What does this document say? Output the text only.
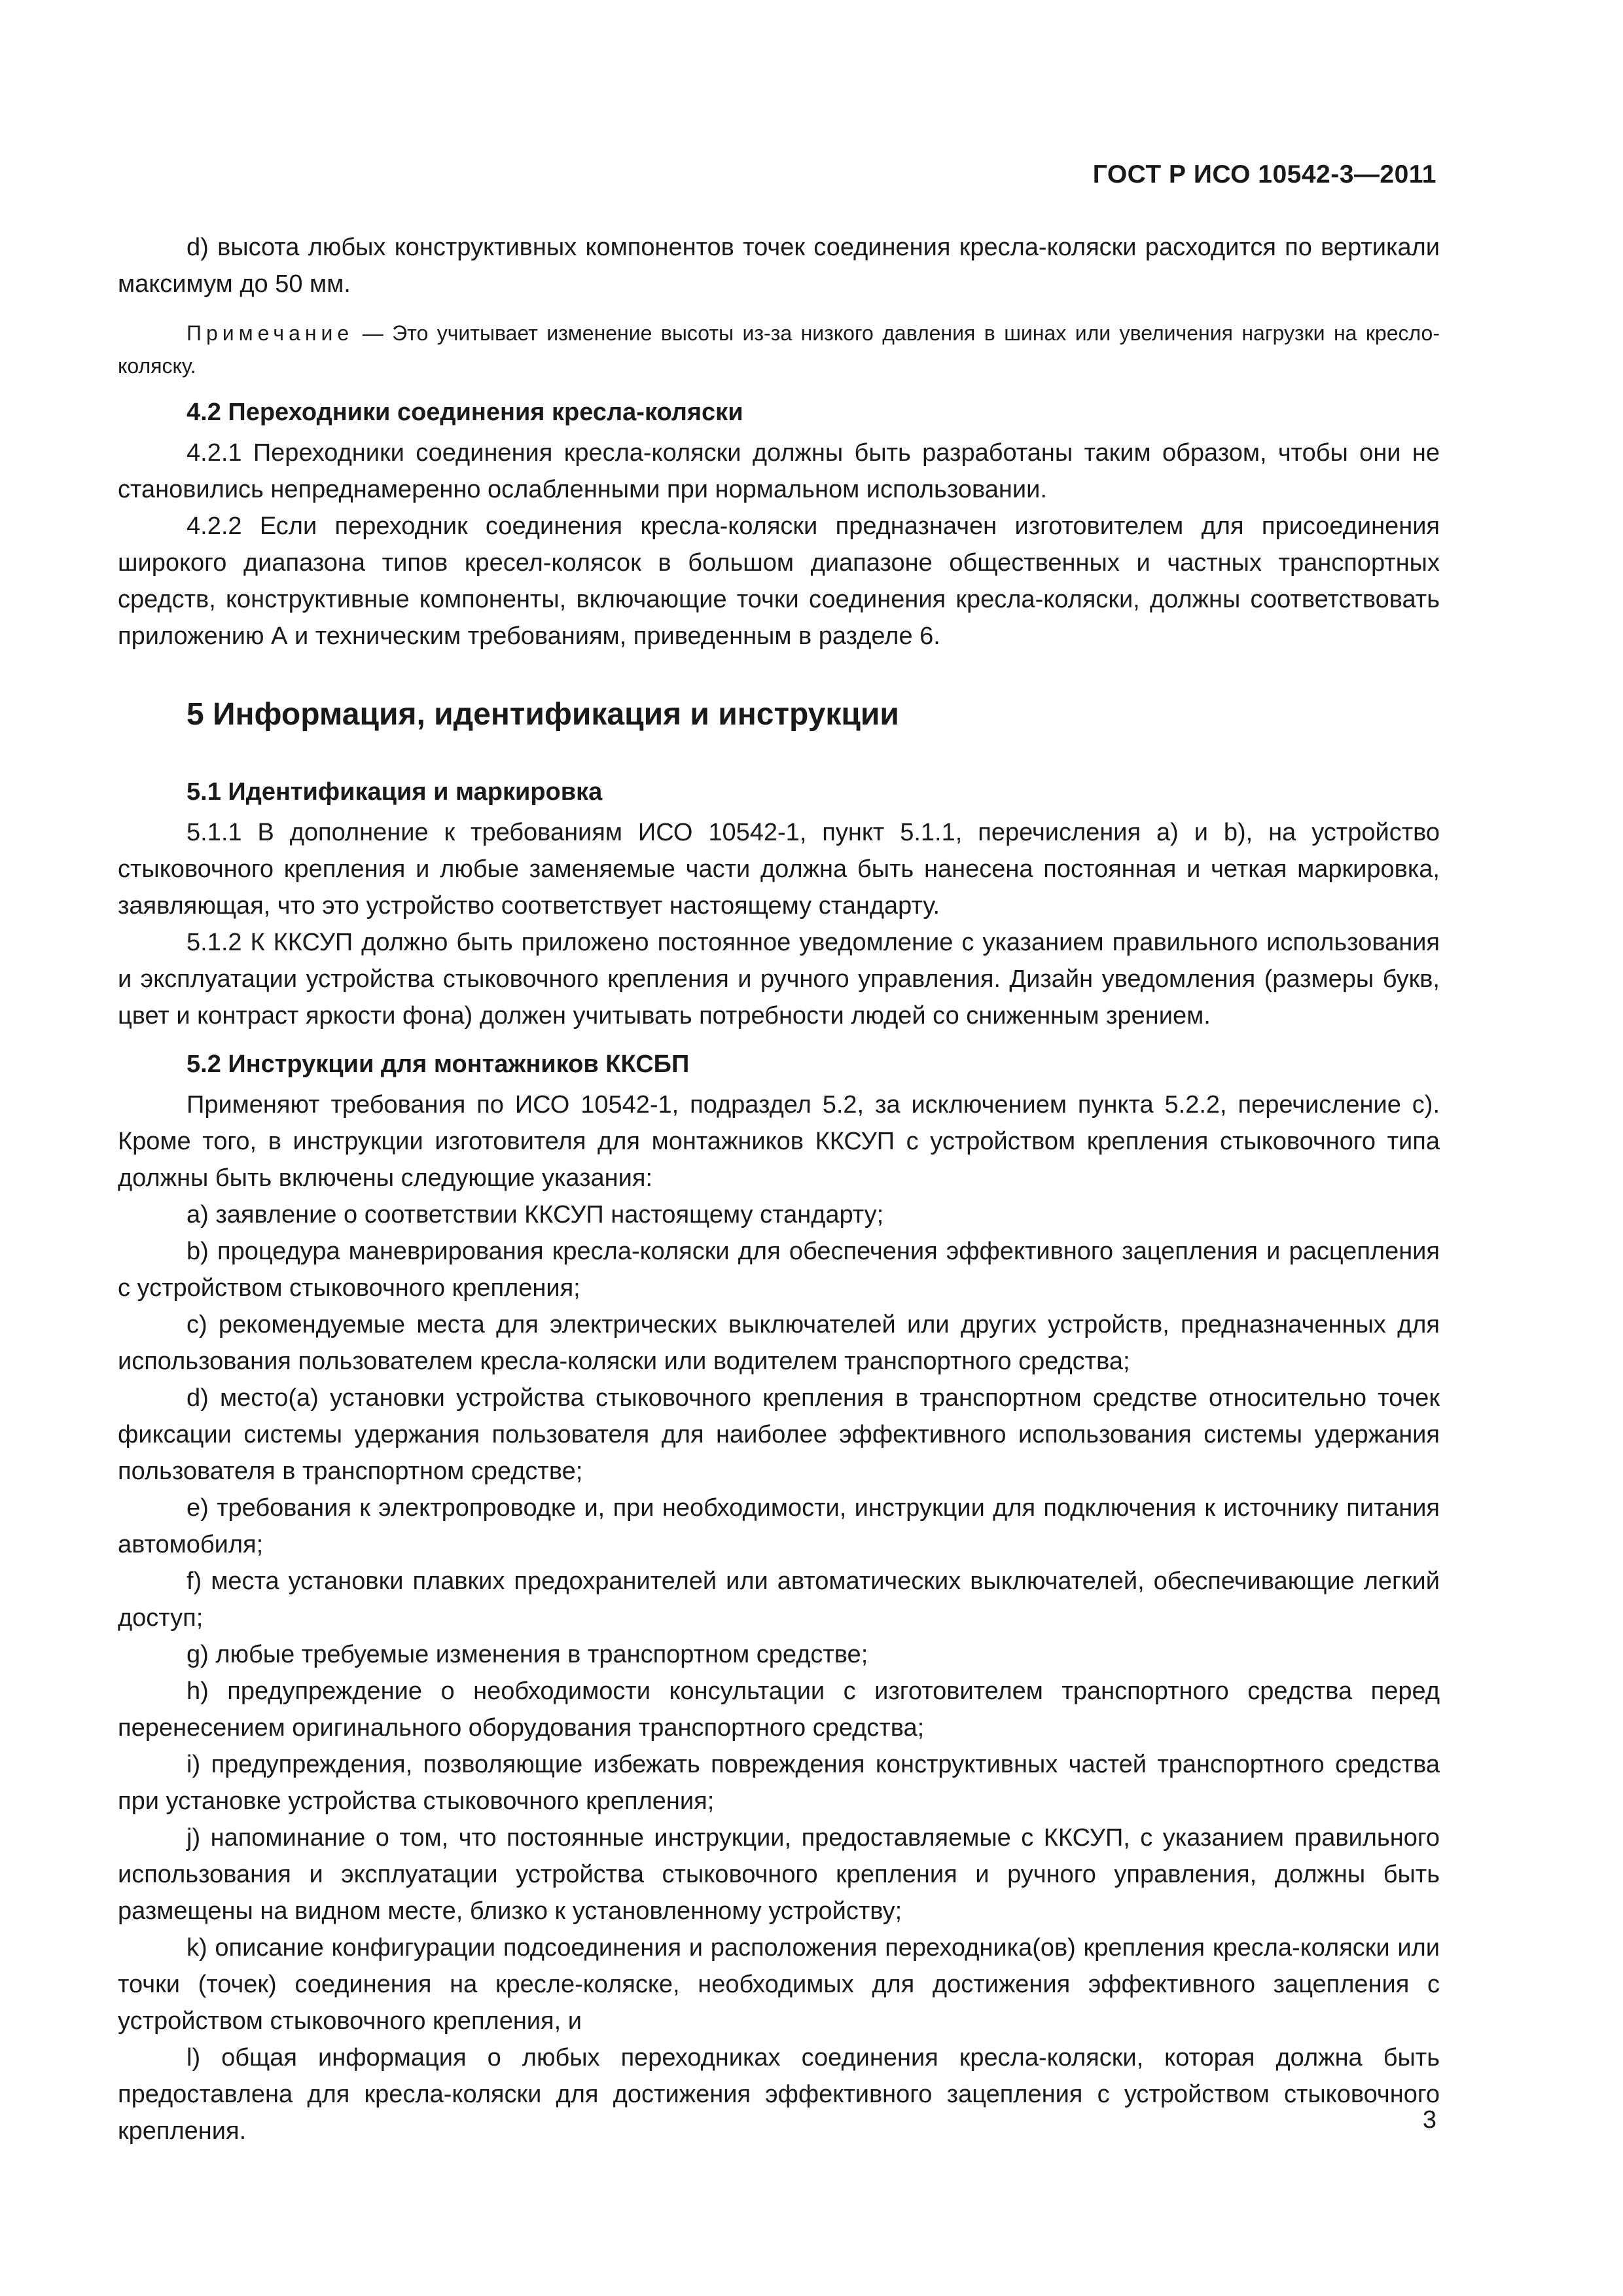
ГОСТ Р ИСО 10542-3—2011

d) высота любых конструктивных компонентов точек соединения кресла-коляски расходится по вертикали максимум до 50 мм.

Примечание — Это учитывает изменение высоты из-за низкого давления в шинах или увеличения нагрузки на кресло-коляску.

4.2 Переходники соединения кресла-коляски

4.2.1 Переходники соединения кресла-коляски должны быть разработаны таким образом, чтобы они не становились непреднамеренно ослабленными при нормальном использовании.

4.2.2 Если переходник соединения кресла-коляски предназначен изготовителем для присоединения широкого диапазона типов кресел-колясок в большом диапазоне общественных и частных транспортных средств, конструктивные компоненты, включающие точки соединения кресла-коляски, должны соответствовать приложению А и техническим требованиям, приведенным в разделе 6.

5 Информация, идентификация и инструкции
5.1 Идентификация и маркировка

5.1.1 В дополнение к требованиям ИСО 10542-1, пункт 5.1.1, перечисления а) и b), на устройство стыковочного крепления и любые заменяемые части должна быть нанесена постоянная и четкая маркировка, заявляющая, что это устройство соответствует настоящему стандарту.

5.1.2 К ККСУП должно быть приложено постоянное уведомление с указанием правильного использования и эксплуатации устройства стыковочного крепления и ручного управления. Дизайн уведомления (размеры букв, цвет и контраст яркости фона) должен учитывать потребности людей со сниженным зрением.

5.2 Инструкции для монтажников ККСБП

Применяют требования по ИСО 10542-1, подраздел 5.2, за исключением пункта 5.2.2, перечисление с). Кроме того, в инструкции изготовителя для монтажников ККСУП с устройством крепления стыковочного типа должны быть включены следующие указания:

а) заявление о соответствии ККСУП настоящему стандарту;

b) процедура маневрирования кресла-коляски для обеспечения эффективного зацепления и расцепления с устройством стыковочного крепления;

с) рекомендуемые места для электрических выключателей или других устройств, предназначенных для использования пользователем кресла-коляски или водителем транспортного средства;

d) место(а) установки устройства стыковочного крепления в транспортном средстве относительно точек фиксации системы удержания пользователя для наиболее эффективного использования системы удержания пользователя в транспортном средстве;

е) требования к электропроводке и, при необходимости, инструкции для подключения к источнику питания автомобиля;

f) места установки плавких предохранителей или автоматических выключателей, обеспечивающие легкий доступ;

g) любые требуемые изменения в транспортном средстве;

h) предупреждение о необходимости консультации с изготовителем транспортного средства перед перенесением оригинального оборудования транспортного средства;

i) предупреждения, позволяющие избежать повреждения конструктивных частей транспортного средства при установке устройства стыковочного крепления;

j) напоминание о том, что постоянные инструкции, предоставляемые с ККСУП, с указанием правильного использования и эксплуатации устройства стыковочного крепления и ручного управления, должны быть размещены на видном месте, близко к установленному устройству;

k) описание конфигурации подсоединения и расположения переходника(ов) крепления кресла-коляски или точки (точек) соединения на кресле-коляске, необходимых для достижения эффективного зацепления с устройством стыковочного крепления, и

l) общая информация о любых переходниках соединения кресла-коляски, которая должна быть предоставлена для кресла-коляски для достижения эффективного зацепления с устройством стыковочного крепления.	3
